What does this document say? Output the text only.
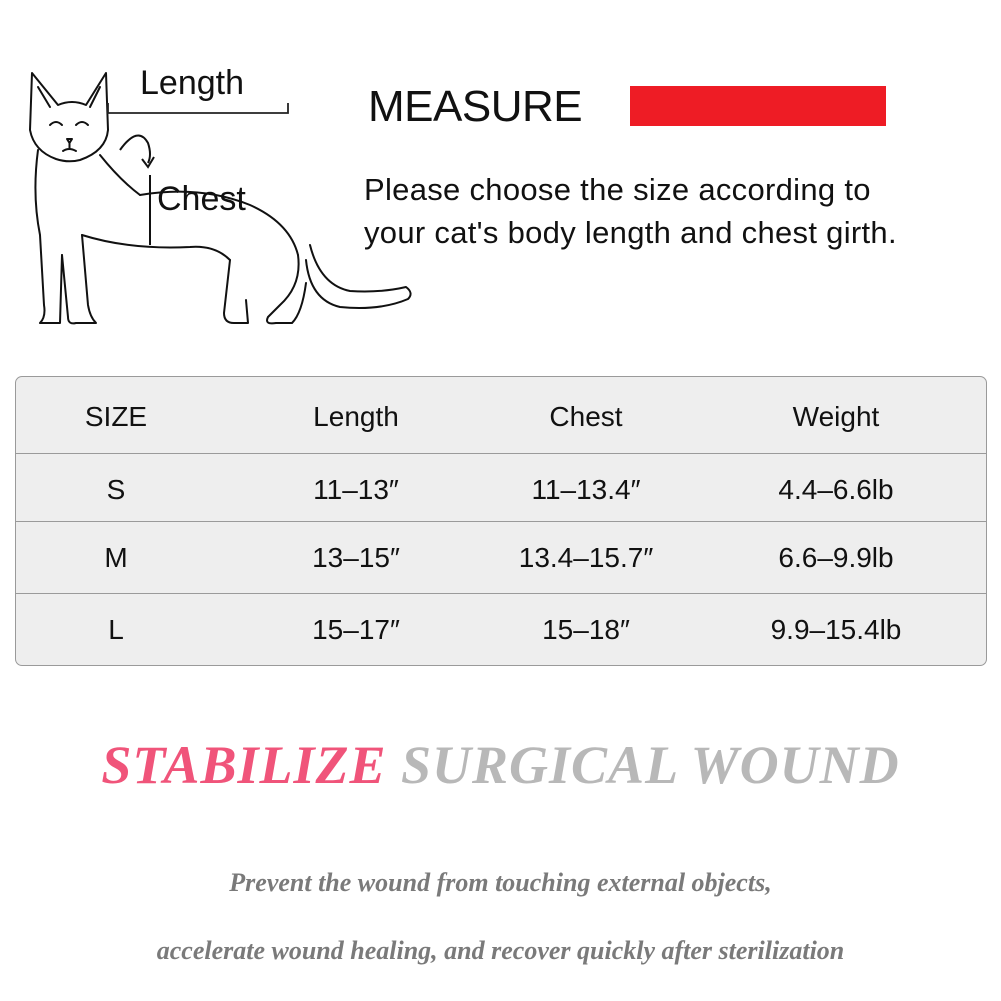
Length
Chest
MEASURE
Please choose the size according to
your cat's body length and chest girth.
SIZE	Length	Chest	Weight
S	11–13″	11–13.4″	4.4–6.6lb
M	13–15″	13.4–15.7″	6.6–9.9lb
L	15–17″	15–18″	9.9–15.4lb
STABILIZE SURGICAL WOUND
Prevent the wound from touching external objects,
accelerate wound healing, and recover quickly after sterilization
